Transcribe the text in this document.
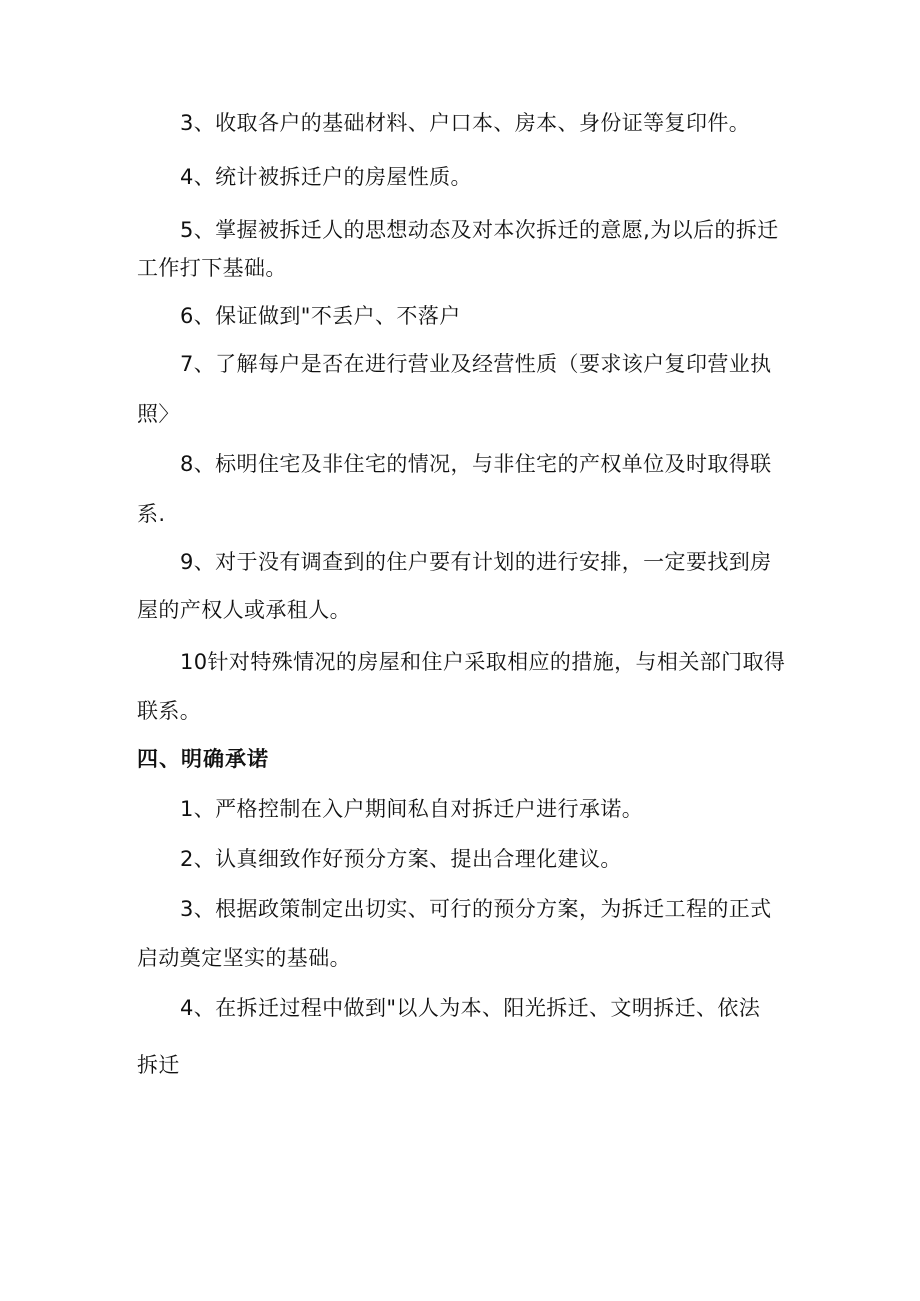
3、收取各户的基础材料、户口本、房本、身份证等复印件。

4、统计被拆迁户的房屋性质。

5、掌握被拆迁人的思想动态及对本次拆迁的意愿,为以后的拆迁

工作打下基础。

6、保证做到"不丢户、不落户

7、了解每户是否在进行营业及经营性质（要求该户复印营业执

照〉

8、标明住宅及非住宅的情况，与非住宅的产权单位及时取得联

系.

9、对于没有调查到的住户要有计划的进行安排，一定要找到房

屋的产权人或承租人。

10针对特殊情况的房屋和住户采取相应的措施，与相关部门取得

联系。

四、明确承诺

1、严格控制在入户期间私自对拆迁户进行承诺。

2、认真细致作好预分方案、提出合理化建议。

3、根据政策制定出切实、可行的预分方案，为拆迁工程的正式

启动奠定坚实的基础。

4、在拆迁过程中做到"以人为本、阳光拆迁、文明拆迁、依法

拆迁
